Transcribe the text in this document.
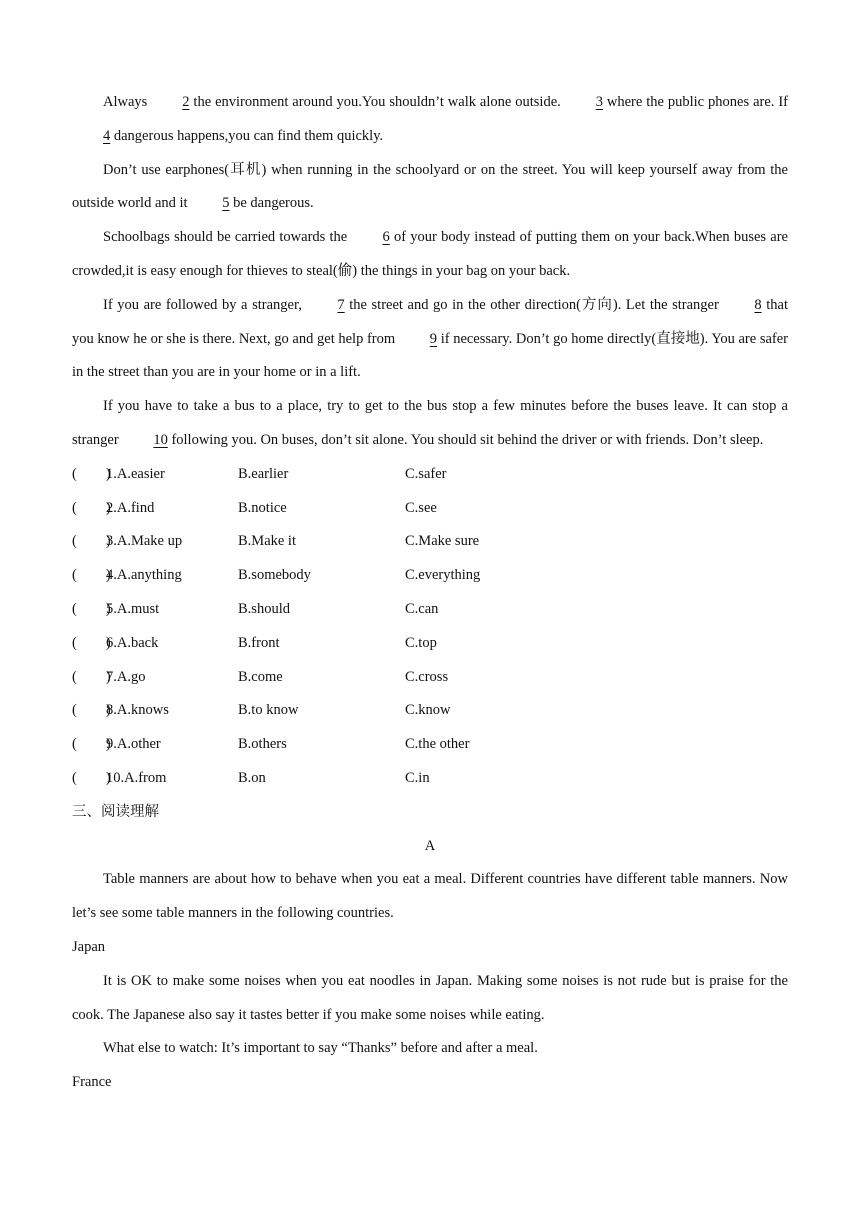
Always 2 the environment around you.You shouldn’t walk alone outside. 3 where the public phones are. If 4 dangerous happens,you can find them quickly.

Don’t use earphones(耳机) when running in the schoolyard or on the street. You will keep yourself away from the outside world and it 5 be dangerous.

Schoolbags should be carried towards the 6 of your body instead of putting them on your back.When buses are crowded,it is easy enough for thieves to steal(偷) the things in your bag on your back.

If you are followed by a stranger, 7 the street and go in the other direction(方向). Let the stranger 8 that you know he or she is there. Next, go and get help from 9 if necessary. Don’t go home directly(直接地). You are safer in the street than you are in your home or in a lift.

If you have to take a bus to a place, try to get to the bus stop a few minutes before the buses leave. It can stop a stranger 10 following you. On buses, don’t sit alone. You should sit behind the driver or with friends. Don’t sleep.

(        )
1.A.easier	B.earlier	C.safer
(        )
2.A.find	B.notice	C.see
(        )
3.A.Make up	B.Make it	C.Make sure
(        )
4.A.anything	B.somebody	C.everything
(        )
5.A.must	B.should	C.can
(        )
6.A.back	B.front	C.top
(        )
7.A.go	B.come	C.cross
(        )
8.A.knows	B.to know	C.know
(        )
9.A.other	B.others	C.the other
(        )
10.A.from	B.on	C.in

三、阅读理解

A

Table manners are about how to behave when you eat a meal. Different countries have different table manners. Now let’s see some table manners in the following countries.

Japan

It is OK to make some noises when you eat noodles in Japan. Making some noises is not rude but is praise for the cook. The Japanese also say it tastes better if you make some noises while eating.

What else to watch: It’s important to say “Thanks” before and after a meal.

France
